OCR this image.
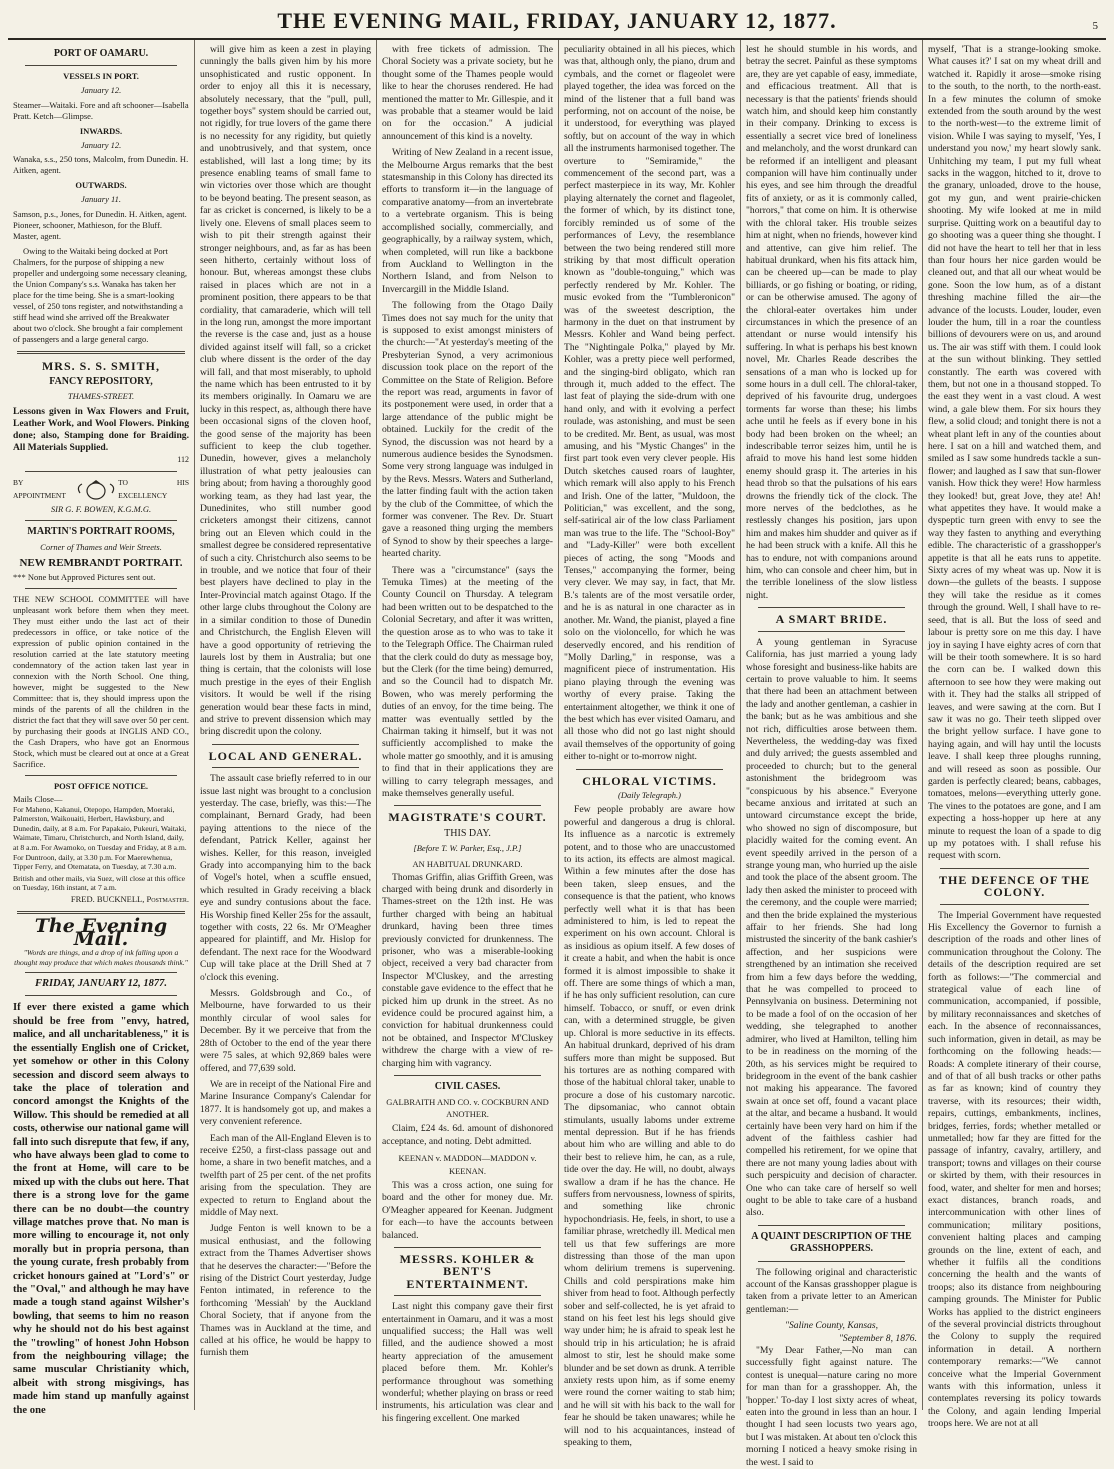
THE EVENING MAIL, FRIDAY, JANUARY 12, 1877.	5
PORT OF OAMARU.
VESSELS IN PORT.
January 12.
Steamer—Waitaki. Fore and aft schooner—Isabella Pratt. Ketch—Glimpse.
INWARDS.
January 12.
Wanaka, s.s., 250 tons, Malcolm, from Dunedin. H. Aitken, agent.
OUTWARDS.
January 11.
Samson, p.s., Jones, for Dunedin. H. Aitken, agent. Pioneer, schooner, Mathieson, for the Bluff. Master, agent.

Owing to the Waitaki being docked at Port Chalmers, for the purpose of shipping a new propeller and undergoing some necessary cleaning, the Union Company's s.s. Wanaka has taken her place for the time being. She is a smart-looking vessel, of 250 tons register, and notwithstanding a stiff head wind she arrived off the Breakwater about two o'clock. She brought a fair complement of passengers and a large general cargo.

MRS. S. S. SMITH,
FANCY REPOSITORY,
THAMES-STREET.
Lessons given in Wax Flowers and Fruit, Leather Work, and Wool Flowers. Pinking done; also, Stamping done for Braiding. All Materials Supplied.
112
BY APPOINTMENT
TO HIS EXCELLENCY
SIR G. F. BOWEN, K.G.M.G.
MARTIN'S PORTRAIT ROOMS,
Corner of Thames and Weir Streets.
NEW REMBRANDT PORTRAIT.
*** None but Approved Pictures sent out.

THE NEW SCHOOL COMMITTEE will have unpleasant work before them when they meet. They must either undo the last act of their predecessors in office, or take notice of the expression of public opinion contained in the resolution carried at the late statutory meeting condemnatory of the action taken last year in connexion with the North School. One thing, however, might be suggested to the New Committee: that is, they should impress upon the minds of the parents of all the children in the district the fact that they will save over 50 per cent. by purchasing their goods at INGLIS AND CO., the Cash Drapers, who have got an Enormous Stock, which must be cleared out at once at a Great Sacrifice.

POST OFFICE NOTICE.
Mails Close—
For Maheno, Kakanui, Otepopo, Hampden, Moeraki, Palmerston, Waikouaiti, Herbert, Hawksbury, and Dunedin, daily, at 8 a.m. For Papakaio, Pukeuri, Waitaki, Waimate, Timaru, Christchurch, and North Island, daily, at 8 a.m. For Awamoko, on Tuesday and Friday, at 8 a.m. For Duntroon, daily, at 3.30 p.m. For Maerewhenua, Tipper Ferry, and Otematata, on Tuesday, at 7.30 a.m.
British and other mails, via Suez, will close at this office on Tuesday, 16th instant, at 7 a.m.
FRED. BUCKNELL, Postmaster.
The Evening Mail.
"Words are things, and a drop of ink falling upon a thought may produce that which makes thousands think."
FRIDAY, JANUARY 12, 1877.
If ever there existed a game which should be free from "envy, hatred, malice, and all uncharitableness," it is the essentially English one of Cricket, yet somehow or other in this Colony secession and discord seem always to take the place of toleration and concord amongst the Knights of the Willow. This should be remedied at all costs, otherwise our national game will fall into such disrepute that few, if any, who have always been glad to come to the front at Home, will care to be mixed up with the clubs out here. That there is a strong love for the game there can be no doubt—the country village matches prove that. No man is more willing to encourage it, not only morally but in propria persona, than the young curate, fresh probably from cricket honours gained at "Lord's" or the "Oval," and although he may have made a tough stand against Wilsher's bowling, that seems to him no reason why he should not do his best against the "trowling" of honest John Hobson from the neighbouring village; the same muscular Christianity which, albeit with strong misgivings, has made him stand up manfully against the one

will give him as keen a zest in playing cunningly the balls given him by his more unsophisticated and rustic opponent. In order to enjoy all this it is necessary, absolutely necessary, that the "pull, pull, together boys" system should be carried out, not rigidly, for true lovers of the game there is no necessity for any rigidity, but quietly and unobtrusively, and that system, once established, will last a long time; by its presence enabling teams of small fame to win victories over those which are thought to be beyond beating. The present season, as far as cricket is concerned, is likely to be a lively one. Elevens of small places seem to wish to pit their strength against their stronger neighbours, and, as far as has been seen hitherto, certainly without loss of honour. But, whereas amongst these clubs raised in places which are not in a prominent position, there appears to be that cordiality, that camaraderie, which will tell in the long run, amongst the more important the reverse is the case and, just as a house divided against itself will fall, so a cricket club where dissent is the order of the day will fall, and that most miserably, to uphold the name which has been entrusted to it by its members originally. In Oamaru we are lucky in this respect, as, although there have been occasional signs of the cloven hoof, the good sense of the majority has been sufficient to keep the club together. Dunedin, however, gives a melancholy illustration of what petty jealousies can bring about; from having a thoroughly good working team, as they had last year, the Dunedinites, who still number good cricketers amongst their citizens, cannot bring out an Eleven which could in the smallest degree be considered representative of such a city. Christchurch also seems to be in trouble, and we notice that four of their best players have declined to play in the Inter-Provincial match against Otago. If the other large clubs throughout the Colony are in a similar condition to those of Dunedin and Christchurch, the English Eleven will have a good opportunity of retrieving the laurels lost by them in Australia; but one thing is certain, that the colonists will lose much prestige in the eyes of their English visitors. It would be well if the rising generation would bear these facts in mind, and strive to prevent dissension which may bring discredit upon the colony.

LOCAL AND GENERAL.

The assault case briefly referred to in our issue last night was brought to a conclusion yesterday. The case, briefly, was this:—The complainant, Bernard Grady, had been paying attentions to the niece of the defendant, Patrick Keller, against her wishes. Keller, for this reason, inveigled Grady into accompanying him to the back of Vogel's hotel, when a scuffle ensued, which resulted in Grady receiving a black eye and sundry contusions about the face. His Worship fined Keller 25s for the assault, together with costs, 22 6s. Mr O'Meagher appeared for plaintiff, and Mr. Hislop for defendant. The next race for the Woodward Cup will take place at the Drill Shed at 7 o'clock this evening.

Messrs. Goldsbrough and Co., of Melbourne, have forwarded to us their monthly circular of wool sales for December. By it we perceive that from the 28th of October to the end of the year there were 75 sales, at which 92,869 bales were offered, and 77,639 sold.

We are in receipt of the National Fire and Marine Insurance Company's Calendar for 1877. It is handsomely got up, and makes a very convenient reference.

Each man of the All-England Eleven is to receive £250, a first-class passage out and home, a share in two benefit matches, and a twelfth part of 25 per cent. of the net profits arising from the speculation. They are expected to return to England about the middle of May next.

Judge Fenton is well known to be a musical enthusiast, and the following extract from the Thames Advertiser shows that he deserves the character:—"Before the rising of the District Court yesterday, Judge Fenton intimated, in reference to the forthcoming 'Messiah' by the Auckland Choral Society, that if anyone from the Thames was in Auckland at the time, and called at his office, he would be happy to furnish them

with free tickets of admission. The Choral Society was a private society, but he thought some of the Thames people would like to hear the choruses rendered. He had mentioned the matter to Mr. Gillespie, and it was probable that a steamer would be laid on for the occasion." A judicial announcement of this kind is a novelty.

Writing of New Zealand in a recent issue, the Melbourne Argus remarks that the best statesmanship in this Colony has directed its efforts to transform it—in the language of comparative anatomy—from an invertebrate to a vertebrate organism. This is being accomplished socially, commercially, and geographically, by a railway system, which, when completed, will run like a backbone from Auckland to Wellington in the Northern Island, and from Nelson to Invercargill in the Middle Island.

The following from the Otago Daily Times does not say much for the unity that is supposed to exist amongst ministers of the church:—"At yesterday's meeting of the Presbyterian Synod, a very acrimonious discussion took place on the report of the Committee on the State of Religion. Before the report was read, arguments in favor of its postponement were used, in order that a large attendance of the public might be obtained. Luckily for the credit of the Synod, the discussion was not heard by a numerous audience besides the Synodsmen. Some very strong language was indulged in by the Revs. Messrs. Waters and Sutherland, the latter finding fault with the action taken by the club of the Committee, of which the former was convener. The Rev. Dr. Stuart gave a reasoned thing urging the members of Synod to show by their speeches a large-hearted charity.

There was a "circumstance" (says the Temuka Times) at the meeting of the County Council on Thursday. A telegram had been written out to be despatched to the Colonial Secretary, and after it was written, the question arose as to who was to take it to the Telegraph Office. The Chairman ruled that the clerk could do duty as message boy, but the Clerk (for the time being) demurred, and so the Council had to dispatch Mr. Bowen, who was merely performing the duties of an envoy, for the time being. The matter was eventually settled by the Chairman taking it himself, but it was not sufficiently accomplished to make the whole matter go smoothly, and it is amusing to find that in their applications they are willing to carry telegraph messages, and make themselves generally useful.

MAGISTRATE'S COURT.
THIS DAY.
[Before T. W. Parker, Esq., J.P.]
AN HABITUAL DRUNKARD.

Thomas Griffin, alias Griffith Green, was charged with being drunk and disorderly in Thames-street on the 12th inst. He was further charged with being an habitual drunkard, having been three times previously convicted for drunkenness. The prisoner, who was a miserable-looking object, received a very bad character from Inspector M'Cluskey, and the arresting constable gave evidence to the effect that he picked him up drunk in the street. As no evidence could be procured against him, a conviction for habitual drunkenness could not be obtained, and Inspector M'Cluskey withdrew the charge with a view of re-charging him with vagrancy.

CIVIL CASES.
GALBRAITH AND CO. v. COCKBURN AND ANOTHER.

Claim, £24 4s. 6d. amount of dishonored acceptance, and noting. Debt admitted.

KEENAN v. MADDON—MADDON v. KEENAN.

This was a cross action, one suing for board and the other for money due. Mr. O'Meagher appeared for Keenan. Judgment for each—to have the accounts between balanced.

MESSRS. KOHLER & BENT'S ENTERTAINMENT.

Last night this company gave their first entertainment in Oamaru, and it was a most unqualified success; the Hall was well filled, and the audience showed a most hearty appreciation of the amusement placed before them. Mr. Kohler's performance throughout was something wonderful; whether playing on brass or reed instruments, his articulation was clear and his fingering excellent. One marked

peculiarity obtained in all his pieces, which was that, although only, the piano, drum and cymbals, and the cornet or flageolet were played together, the idea was forced on the mind of the listener that a full band was performing, not on account of the noise, be it understood, for everything was played softly, but on account of the way in which all the instruments harmonised together. The overture to "Semiramide," the commencement of the second part, was a perfect masterpiece in its way, Mr. Kohler playing alternately the cornet and flageolet, the former of which, by its distinct tone, forcibly reminded us of some of the performances of Levy, the resemblance between the two being rendered still more striking by that most difficult operation known as "double-tonguing," which was perfectly rendered by Mr. Kohler. The music evoked from the "Tumbleronicon" was of the sweetest description, the harmony in the duet on that instrument by Messrs. Kohler and Wand being perfect. The "Nightingale Polka," played by Mr. Kohler, was a pretty piece well performed, and the singing-bird obligato, which ran through it, much added to the effect. The last feat of playing the side-drum with one hand only, and with it evolving a perfect roulade, was astonishing, and must be seen to be credited. Mr. Bent, as usual, was most amusing, and his "Mystic Changes" in the first part took even very clever people. His Dutch sketches caused roars of laughter, which remark will also apply to his French and Irish. One of the latter, "Muldoon, the Politician," was excellent, and the song, self-satirical air of the low class Parliament man was true to the life. The "School-Boy" and "Lady-Killer" were both excellent pieces of acting, the song "Moods and Tenses," accompanying the former, being very clever. We may say, in fact, that Mr. B.'s talents are of the most versatile order, and he is as natural in one character as in another. Mr. Wand, the pianist, played a fine solo on the violoncello, for which he was deservedly encored, and his rendition of "Molly Darling," in response, was a magnificent piece of instrumentation. His piano playing through the evening was worthy of every praise. Taking the entertainment altogether, we think it one of the best which has ever visited Oamaru, and all those who did not go last night should avail themselves of the opportunity of going either to-night or to-morrow night.

CHLORAL VICTIMS.
(Daily Telegraph.)

Few people probably are aware how powerful and dangerous a drug is chloral. Its influence as a narcotic is extremely potent, and to those who are unaccustomed to its action, its effects are almost magical. Within a few minutes after the dose has been taken, sleep ensues, and the consequence is that the patient, who knows perfectly well what it is that has been administered to him, is led to repeat the experiment on his own account. Chloral is as insidious as opium itself. A few doses of it create a habit, and when the habit is once formed it is almost impossible to shake it off. There are some things of which a man, if he has only sufficient resolution, can cure himself. Tobacco, or snuff, or even drink can, with a determined struggle, be given up. Chloral is more seductive in its effects. An habitual drunkard, deprived of his dram suffers more than might be supposed. But his tortures are as nothing compared with those of the habitual chloral taker, unable to procure a dose of his customary narcotic. The dipsomaniac, who cannot obtain stimulants, usually laboms under extreme mental depression. But if he has friends about him who are willing and able to do their best to relieve him, he can, as a rule, tide over the day. He will, no doubt, always swallow a dram if he has the chance. He suffers from nervousness, lowness of spirits, and something like chronic hypochondriasis. He, feels, in short, to use a familiar phrase, wretchedly ill. Medical men tell us that few sufferings are more distressing than those of the man upon whom delirium tremens is supervening. Chills and cold perspirations make him shiver from head to foot. Although perfectly sober and self-collected, he is yet afraid to stand on his feet lest his legs should give way under him; he is afraid to speak lest he should trip in his articulation; he is afraid almost to stir, lest he should make some blunder and be set down as drunk. A terrible anxiety rests upon him, as if some enemy were round the corner waiting to stab him; and he will sit with his back to the wall for fear he should be taken unawares; while he will nod to his acquaintances, instead of speaking to them,

lest he should stumble in his words, and betray the secret. Painful as these symptoms are, they are yet capable of easy, immediate, and efficacious treatment. All that is necessary is that the patients' friends should watch him, and should keep him constantly in their company. Drinking to excess is essentially a secret vice bred of loneliness and melancholy, and the worst drunkard can be reformed if an intelligent and pleasant companion will have him continually under his eyes, and see him through the dreadful fits of anxiety, or as it is commonly called, "horrors," that come on him. It is otherwise with the chloral taker. His trouble seizes him at night, when no friends, however kind and attentive, can give him relief. The habitual drunkard, when his fits attack him, can be cheered up—can be made to play billiards, or go fishing or boating, or riding, or can be otherwise amused. The agony of the chloral-eater overtakes him under circumstances in which the presence of an attendant or nurse would intensify his suffering. In what is perhaps his best known novel, Mr. Charles Reade describes the sensations of a man who is locked up for some hours in a dull cell. The chloral-taker, deprived of his favourite drug, undergoes torments far worse than these; his limbs ache until he feels as if every bone in his body had been broken on the wheel; an indescribable terror seizes him, until he is afraid to move his hand lest some hidden enemy should grasp it. The arteries in his head throb so that the pulsations of his ears drowns the friendly tick of the clock. The more nerves of the bedclothes, as he restlessly changes his position, jars upon him and makes him shudder and quiver as if he had been struck with a knife. All this he has to endure, not with companions around him, who can console and cheer him, but in the terrible loneliness of the slow listless night.

A SMART BRIDE.

A young gentleman in Syracuse California, has just married a young lady whose foresight and business-like habits are certain to prove valuable to him. It seems that there had been an attachment between the lady and another gentleman, a cashier in the bank; but as he was ambitious and she not rich, difficulties arose between them. Nevertheless, the wedding-day was fixed and duly arrived; the guests assembled and proceeded to church; but to the general astonishment the bridegroom was "conspicuous by his absence." Everyone became anxious and irritated at such an untoward circumstance except the bride, who showed no sign of discomposure, but placidly waited for the coming event. An event speedily arrived in the person of a strange young man, who hurried up the aisle and took the place of the absent groom. The lady then asked the minister to proceed with the ceremony, and the couple were married; and then the bride explained the mysterious affair to her friends. She had long mistrusted the sincerity of the bank cashier's affection, and her suspicions were strengthened by an intimation she received from him a few days before the wedding, that he was compelled to proceed to Pennsylvania on business. Determining not to be made a fool of on the occasion of her wedding, she telegraphed to another admirer, who lived at Hamilton, telling him to be in readiness on the morning of the 20th, as his services might be required to bridegroom in the event of the bank cashier not making his appearance. The favored swain at once set off, found a vacant place at the altar, and became a husband. It would certainly have been very hard on him if the advent of the faithless cashier had compelled his retirement, for we opine that there are not many young ladies about with such perspicuity and decision of character. One who can take care of herself so well ought to be able to take care of a husband also.

A QUAINT DESCRIPTION OF THE GRASSHOPPERS.

The following original and characteristic account of the Kansas grasshopper plague is taken from a private letter to an American gentleman:—

"Saline County, Kansas,
"September 8, 1876.

"My Dear Father,—No man can successfully fight against nature. The contest is unequal—nature caring no more for man than for a grasshopper. Ah, the 'hopper.' To-day I lost sixty acres of wheat, eaten into the ground in less than an hour. I thought I had seen locusts two years ago, but I was mistaken. At about ten o'clock this morning I noticed a heavy smoke rising in the west. I said to

myself, 'That is a strange-looking smoke. What causes it?' I sat on my wheat drill and watched it. Rapidly it arose—smoke rising to the south, to the north, to the north-east. In a few minutes the column of smoke extended from the south around by the west to the north-west—to the extreme limit of vision. While I was saying to myself, 'Yes, I understand you now,' my heart slowly sank. Unhitching my team, I put my full wheat sacks in the waggon, hitched to it, drove to the granary, unloaded, drove to the house, got my gun, and went prairie-chicken shooting. My wife looked at me in mild surprise. Quitting work on a beautiful day to go shooting was a queer thing she thought. I did not have the heart to tell her that in less than four hours her nice garden would be cleaned out, and that all our wheat would be gone. Soon the low hum, as of a distant threshing machine filled the air—the advance of the locusts. Louder, louder, even louder the hum, till in a roar the countless billions of devourers were on us, and around us. The air was stiff with them. I could look at the sun without blinking. They settled constantly. The earth was covered with them, but not one in a thousand stopped. To the east they went in a vast cloud. A west wind, a gale blew them. For six hours they flew, a solid cloud; and tonight there is not a wheat plant left in any of the counties about here. I sat on a hill and watched them, and smiled as I saw some hundreds tackle a sun-flower; and laughed as I saw that sun-flower vanish. How thick they were! How harmless they looked! but, great Jove, they ate! Ah! what appetites they have. It would make a dyspeptic turn green with envy to see the way they fasten to anything and everything edible. The characteristic of a grasshopper's appetite is that all he eats runs to appetite. Sixty acres of my wheat was up. Now it is down—the gullets of the beasts. I suppose they will take the residue as it comes through the ground. Well, I shall have to re-seed, that is all. But the loss of seed and labour is pretty sore on me this day. I have joy in saying I have eighty acres of corn that will be their tooth somewhere. It is so hard the corn can be. I walked down this afternoon to see how they were making out with it. They had the stalks all stripped of leaves, and were sawing at the corn. But I saw it was no go. Their teeth slipped over the bright yellow surface. I have gone to haying again, and will hay until the locusts leave. I shall keep three ploughs running, and will reseed as soon as possible. Our garden is perfectly cleared; beans, cabbages, tomatoes, melons—everything utterly gone. The vines to the potatoes are gone, and I am expecting a hoss-hopper up here at any minute to request the loan of a spade to dig up my potatoes with. I shall refuse his request with scorn.

THE DEFENCE OF THE COLONY.

The Imperial Government have requested His Excellency the Governor to furnish a description of the roads and other lines of communication throughout the Colony. The details of the description required are set forth as follows:—"The commercial and strategical value of each line of communication, accompanied, if possible, by military reconnaissances and sketches of each. In the absence of reconnaissances, such information, given in detail, as may be forthcoming on the following heads:—Roads: A complete itinerary of their course, and of that of all bush tracks or other paths as far as known; kind of country they traverse, with its resources; their width, repairs, cuttings, embankments, inclines, bridges, ferries, fords; whether metalled or unmetalled; how far they are fitted for the passage of infantry, cavalry, artillery, and transport; towns and villages on their course or skirted by them, with their resources in food, water, and shelter for men and horses; exact distances, branch roads, and intercommunication with other lines of communication; military positions, convenient halting places and camping grounds on the line, extent of each, and whether it fulfils all the conditions concerning the health and the wants of troops; also its distance from neighbouring camping grounds. The Minister for Public Works has applied to the district engineers of the several provincial districts throughout the Colony to supply the required information in detail. A northern contemporary remarks:—"We cannot conceive what the Imperial Government wants with this information, unless it contemplates reversing its policy towards the Colony, and again lending Imperial troops here. We are not at all
